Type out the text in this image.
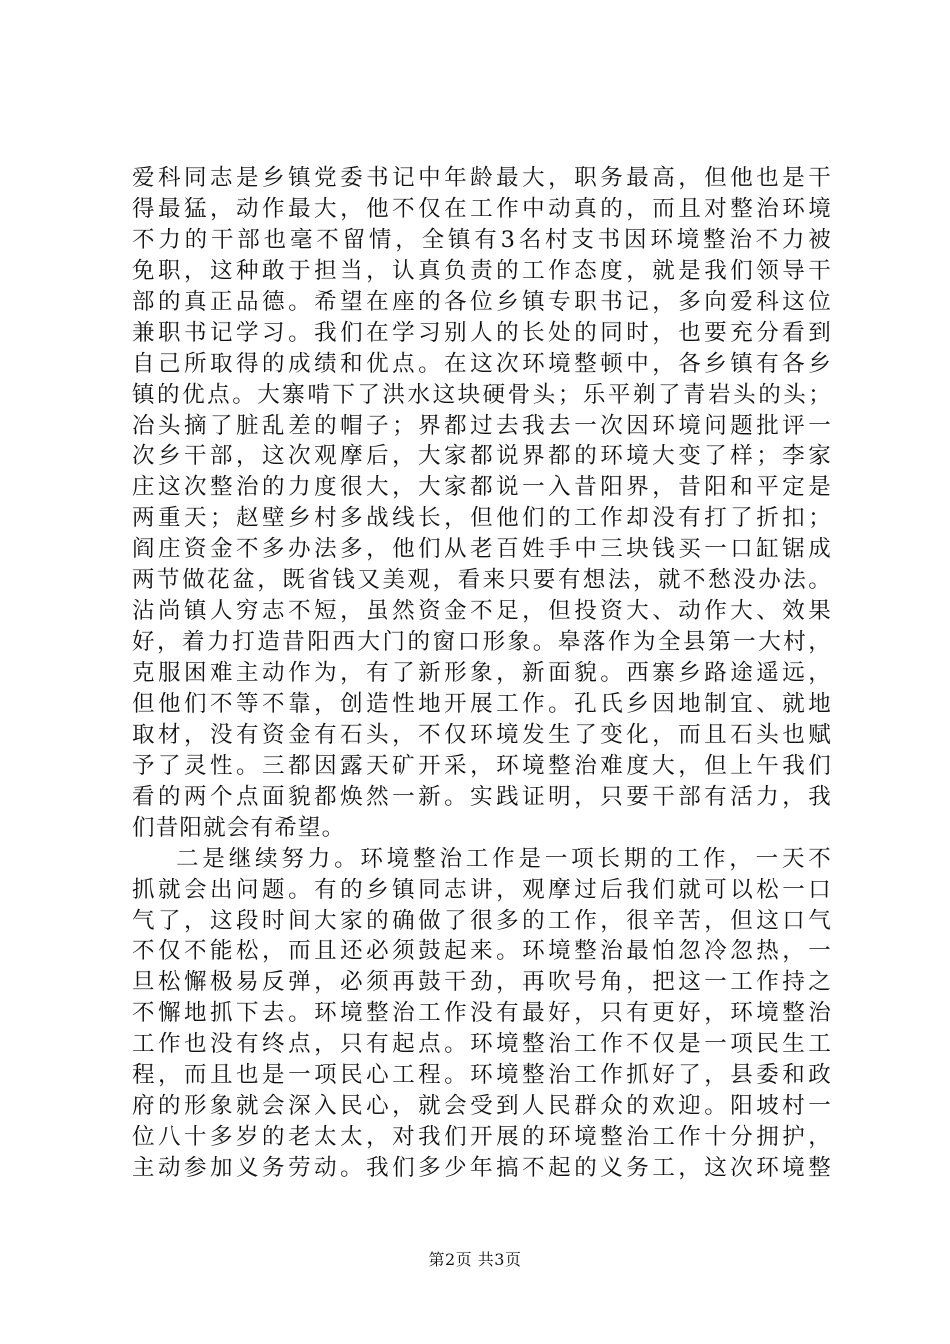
爱科同志是乡镇党委书记中年龄最大，职务最高，但他也是干
得最猛，动作最大，他不仅在工作中动真的，而且对整治环境
不力的干部也毫不留情，全镇有3名村支书因环境整治不力被
免职，这种敢于担当，认真负责的工作态度，就是我们领导干
部的真正品德。希望在座的各位乡镇专职书记，多向爱科这位
兼职书记学习。我们在学习别人的长处的同时，也要充分看到
自己所取得的成绩和优点。在这次环境整顿中，各乡镇有各乡
镇的优点。大寨啃下了洪水这块硬骨头；乐平剃了青岩头的头；
冶头摘了脏乱差的帽子；界都过去我去一次因环境问题批评一
次乡干部，这次观摩后，大家都说界都的环境大变了样；李家
庄这次整治的力度很大，大家都说一入昔阳界，昔阳和平定是
两重天；赵壁乡村多战线长，但他们的工作却没有打了折扣；
阎庄资金不多办法多，他们从老百姓手中三块钱买一口缸锯成
两节做花盆，既省钱又美观，看来只要有想法，就不愁没办法。
沾尚镇人穷志不短，虽然资金不足，但投资大、动作大、效果
好，着力打造昔阳西大门的窗口形象。皋落作为全县第一大村，
克服困难主动作为，有了新形象，新面貌。西寨乡路途遥远，
但他们不等不靠，创造性地开展工作。孔氏乡因地制宜、就地
取材，没有资金有石头，不仅环境发生了变化，而且石头也赋
予了灵性。三都因露天矿开采，环境整治难度大，但上午我们
看的两个点面貌都焕然一新。实践证明，只要干部有活力，我
们昔阳就会有希望。
二是继续努力。环境整治工作是一项长期的工作，一天不
抓就会出问题。有的乡镇同志讲，观摩过后我们就可以松一口
气了，这段时间大家的确做了很多的工作，很辛苦，但这口气
不仅不能松，而且还必须鼓起来。环境整治最怕忽冷忽热，一
旦松懈极易反弹，必须再鼓干劲，再吹号角，把这一工作持之
不懈地抓下去。环境整治工作没有最好，只有更好，环境整治
工作也没有终点，只有起点。环境整治工作不仅是一项民生工
程，而且也是一项民心工程。环境整治工作抓好了，县委和政
府的形象就会深入民心，就会受到人民群众的欢迎。阳坡村一
位八十多岁的老太太，对我们开展的环境整治工作十分拥护，
主动参加义务劳动。我们多少年搞不起的义务工，这次环境整
第2页 共3页
